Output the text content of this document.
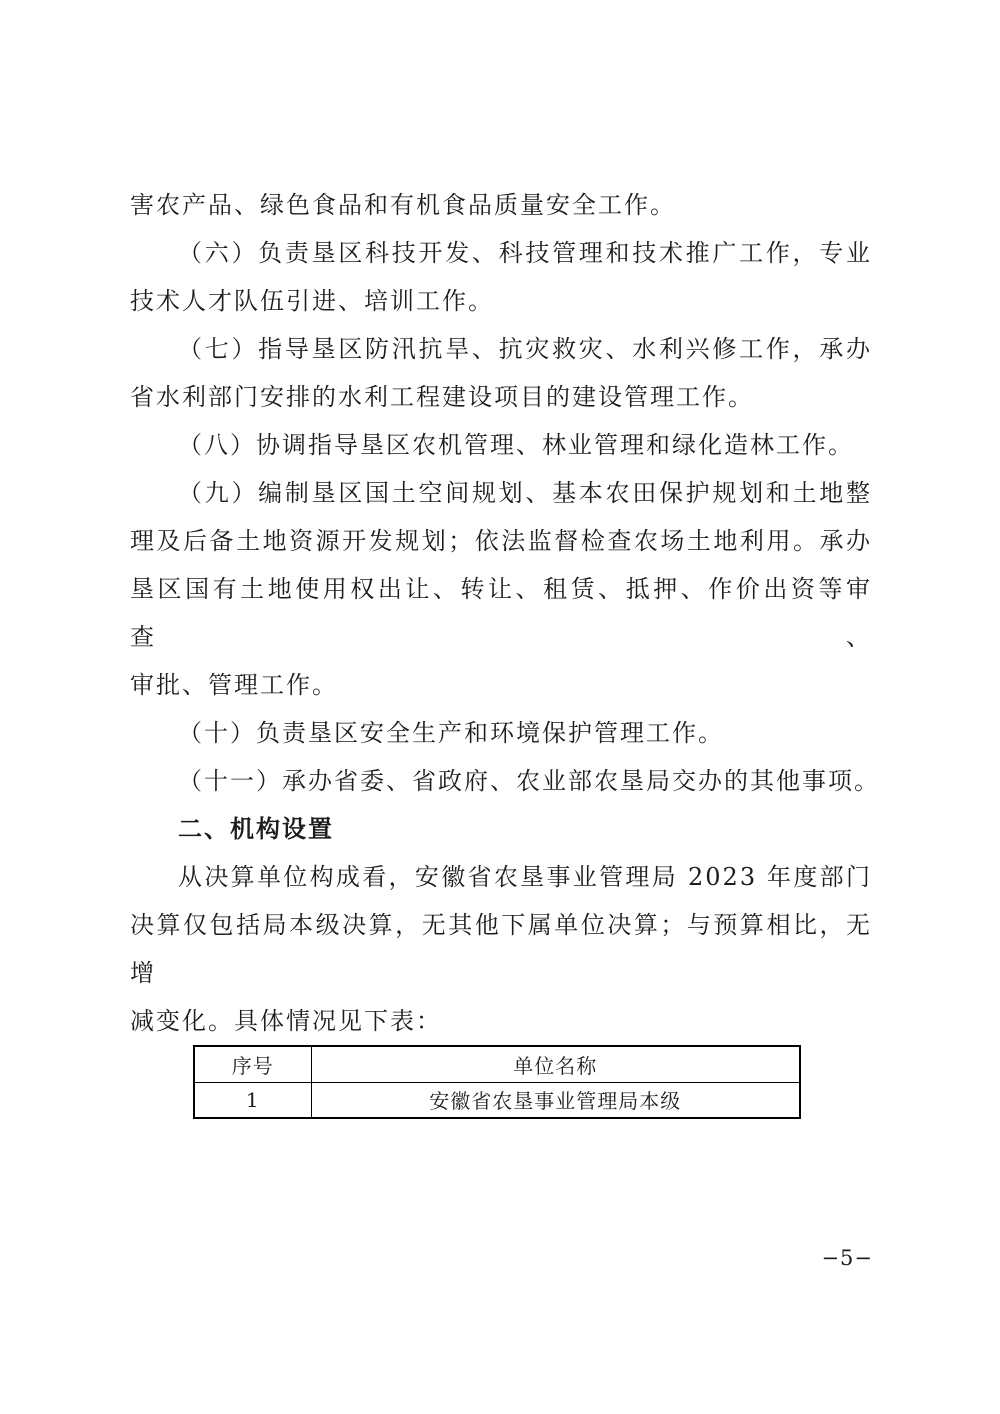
害农产品、绿色食品和有机食品质量安全工作。
（六）负责垦区科技开发、科技管理和技术推广工作，专业
技术人才队伍引进、培训工作。
（七）指导垦区防汛抗旱、抗灾救灾、水利兴修工作，承办
省水利部门安排的水利工程建设项目的建设管理工作。
（八）协调指导垦区农机管理、林业管理和绿化造林工作。
（九）编制垦区国土空间规划、基本农田保护规划和土地整
理及后备土地资源开发规划；依法监督检查农场土地利用。承办
垦区国有土地使用权出让、转让、租赁、抵押、作价出资等审查、
审批、管理工作。
（十）负责垦区安全生产和环境保护管理工作。
（十一）承办省委、省政府、农业部农垦局交办的其他事项。
二、机构设置
从决算单位构成看，安徽省农垦事业管理局 2023 年度部门
决算仅包括局本级决算，无其他下属单位决算；与预算相比，无增
减变化。具体情况见下表：
序号	单位名称
1	安徽省农垦事业管理局本级
−5−
